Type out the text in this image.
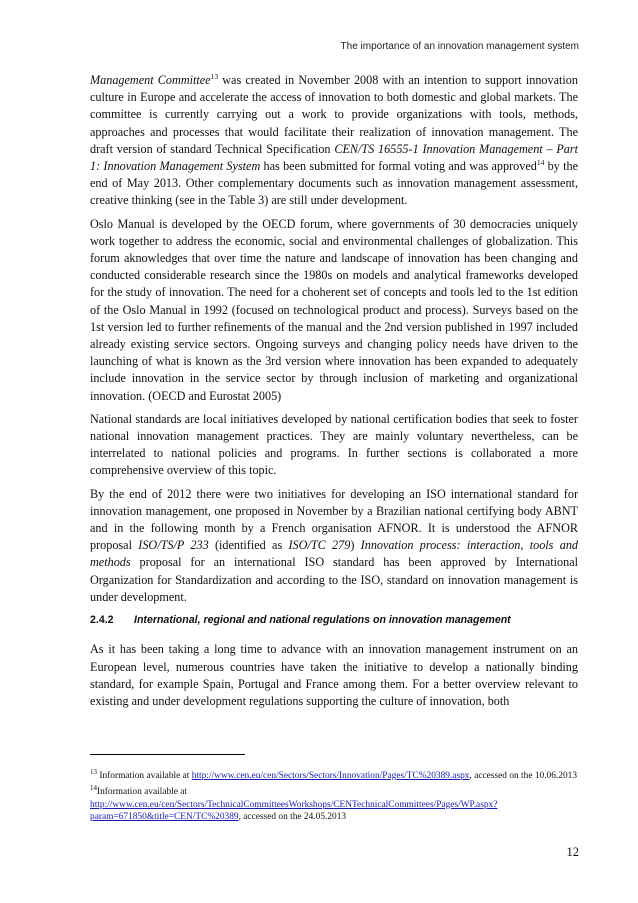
The importance of an innovation management system

Management Committee$^{13}$ was created in November 2008 with an intention to support innovation culture in Europe and accelerate the access of innovation to both domestic and global markets. The committee is currently carrying out a work to provide organizations with tools, methods, approaches and processes that would facilitate their realization of innovation management. The draft version of standard Technical Specification CEN/TS 16555-1 Innovation Management – Part 1: Innovation Management System has been submitted for formal voting and was approved$^{14}$ by the end of May 2013. Other complementary documents such as innovation management assessment, creative thinking (see in the Table 3) are still under development.

Oslo Manual is developed by the OECD forum, where governments of 30 democracies uniquely work together to address the economic, social and environmental challenges of globalization. This forum aknowledges that over time the nature and landscape of innovation has been changing and conducted considerable research since the 1980s on models and analytical frameworks developed for the study of innovation. The need for a choherent set of concepts and tools led to the 1st edition of the Oslo Manual in 1992 (focused on technological product and process). Surveys based on the 1st version led to further refinements of the manual and the 2nd version published in 1997 included already existing service sectors. Ongoing surveys and changing policy needs have driven to the launching of what is known as the 3rd version where innovation has been expanded to adequately include innovation in the service sector by through inclusion of marketing and organizational innovation. (OECD and Eurostat 2005)

National standards are local initiatives developed by national certification bodies that seek to foster national innovation management practices. They are mainly voluntary nevertheless, can be interrelated to national policies and programs. In further sections is collaborated a more comprehensive overview of this topic.

By the end of 2012 there were two initiatives for developing an ISO international standard for innovation management, one proposed in November by a Brazilian national certifying body ABNT and in the following month by a French organisation AFNOR. It is understood the AFNOR proposal ISO/TS/P 233 (identified as ISO/TC 279) Innovation process: interaction, tools and methods proposal for an international ISO standard has been approved by International Organization for Standardization and according to the ISO, standard on innovation management is under development.

2.4.2	International, regional and national regulations on innovation management

As it has been taking a long time to advance with an innovation management instrument on an European level, numerous countries have taken the initiative to develop a nationally binding standard, for example Spain, Portugal and France among them. For a better overview relevant to existing and under development regulations supporting the culture of innovation, both

$^{13}$ Information available at http://www.cen.eu/cen/Sectors/Sectors/Innovation/Pages/TC%20389.aspx, accessed on the 10.06.2013
$^{14}$Information available at
http://www.cen.eu/cen/Sectors/TechnicalCommitteesWorkshops/CENTechnicalCommittees/Pages/WP.aspx?param=671850&title=CEN/TC%20389, accessed on the 24.05.2013
12
